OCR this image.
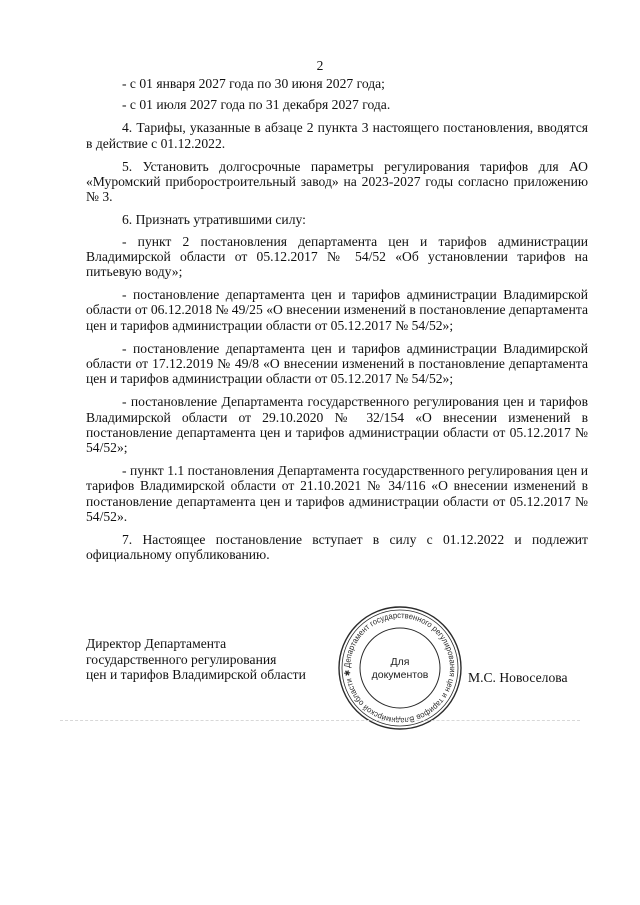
2

- с 01 января 2027 года по 30 июня 2027 года;

- с 01 июля 2027 года по 31 декабря 2027 года.

4. Тарифы, указанные в абзаце 2 пункта 3 настоящего постановления, вводятся в действие с 01.12.2022.

5. Установить долгосрочные параметры регулирования тарифов для АО «Муромский приборостроительный завод» на 2023-2027 годы согласно приложению № 3.

6. Признать утратившими силу:

- пункт 2 постановления департамента цен и тарифов администрации Владимирской области от 05.12.2017 № 54/52 «Об установлении тарифов на питьевую воду»;

- постановление департамента цен и тарифов администрации Владимирской области от 06.12.2018 № 49/25 «О внесении изменений в постановление департамента цен и тарифов администрации области от 05.12.2017 № 54/52»;

- постановление департамента цен и тарифов администрации Владимирской области от 17.12.2019 № 49/8 «О внесении изменений в постановление департамента цен и тарифов администрации области от 05.12.2017 № 54/52»;

- постановление Департамента государственного регулирования цен и тарифов Владимирской области от 29.10.2020 № 32/154 «О внесении изменений в постановление департамента цен и тарифов администрации области от 05.12.2017 № 54/52»;

- пункт 1.1 постановления Департамента государственного регулирования цен и тарифов Владимирской области от 21.10.2021 № 34/116 «О внесении изменений в постановление департамента цен и тарифов администрации области от 05.12.2017 № 54/52».

7. Настоящее постановление вступает в силу с 01.12.2022 и подлежит официальному опубликованию.

Директор Департамента
государственного регулирования
цен и тарифов Владимирской области
Департамент государственного регулирования цен и тарифов Владимирской области ✱
Для
документов	М.С. Новоселова
